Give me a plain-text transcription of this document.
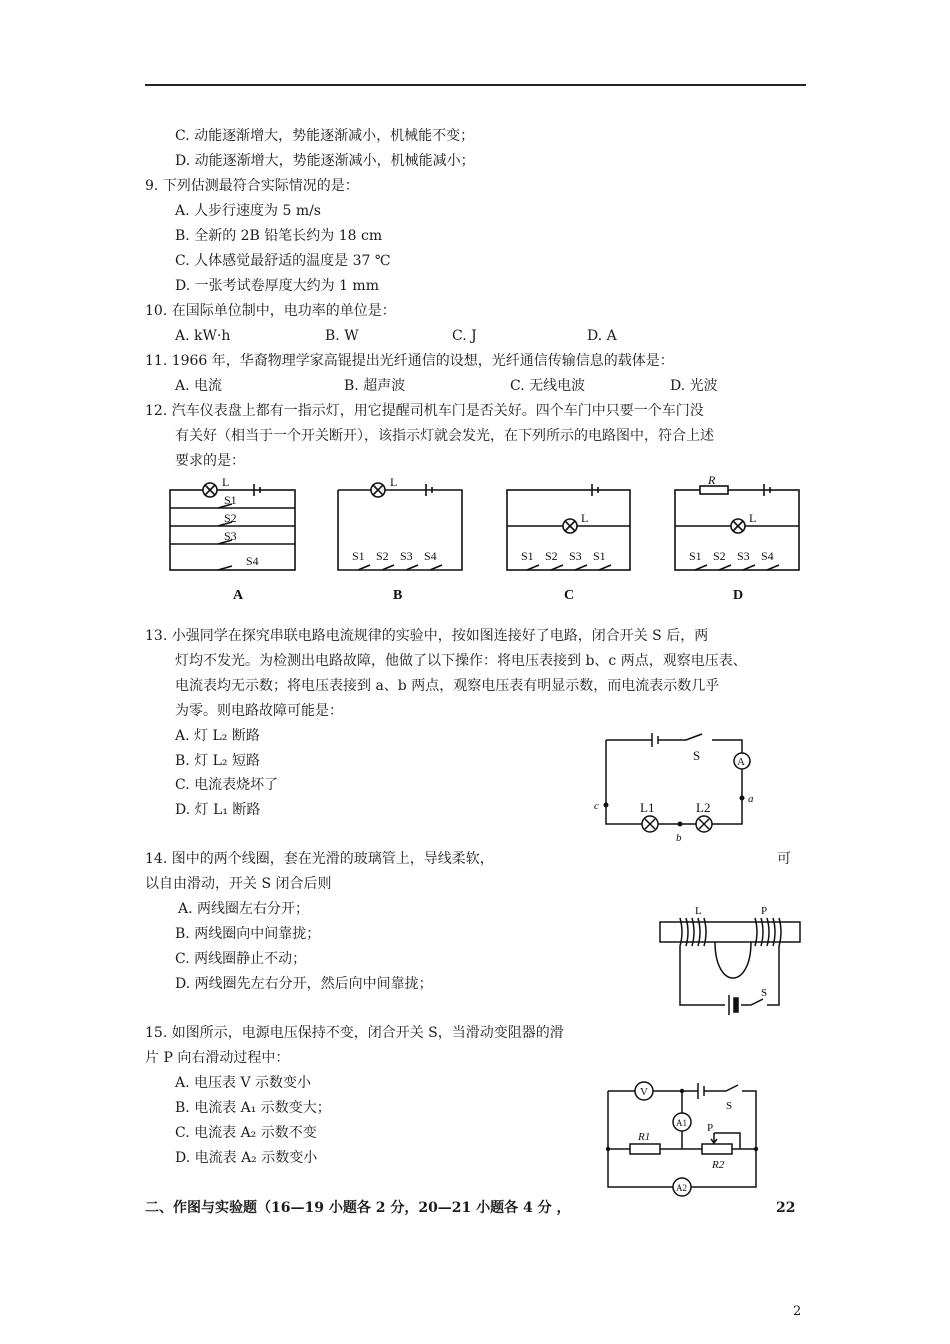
C. 动能逐渐增大，势能逐渐减小，机械能不变；
D. 动能逐渐增大，势能逐渐减小，机械能减小；
9. 下列估测最符合实际情况的是：
A. 人步行速度为 5 m/s
B. 全新的 2B 铅笔长约为 18 cm
C. 人体感觉最舒适的温度是 37 ℃
D. 一张考试卷厚度大约为 1 mm
10. 在国际单位制中，电功率的单位是：
A. kW·h	B. W	C. J	D. A
11. 1966 年，华裔物理学家高锟提出光纤通信的设想，光纤通信传输信息的载体是：
A. 电流	B. 超声波	C. 无线电波	D. 光波
12. 汽车仪表盘上都有一指示灯，用它提醒司机车门是否关好。四个车门中只要一个车门没
有关好（相当于一个开关断开），该指示灯就会发光，在下列所示的电路图中，符合上述
要求的是：
L
S1
S2
S3
S4
L
S1 S2 S3 S4
L
S1 S2 S3 S1
R
L
S1 S2 S3 S4
A	B	C	D
13. 小强同学在探究串联电路电流规律的实验中，按如图连接好了电路，闭合开关 S 后，两
灯均不发光。为检测出电路故障，他做了以下操作：将电压表接到 b、c 两点，观察电压表、
电流表均无示数；将电压表接到 a、b 两点，观察电压表有明显示数，而电流表示数几乎
为零。则电路故障可能是：
A. 灯 L₂ 断路
B. 灯 L₂ 短路
C. 电流表烧坏了
D. 灯 L₁ 断路
S	A
L1	L2
a
b
c
14. 图中的两个线圈，套在光滑的玻璃管上，导线柔软，	可
以自由滑动，开关 S 闭合后则
A. 两线圈左右分开；
B. 两线圈向中间靠拢；
C. 两线圈静止不动；
D. 两线圈先左右分开，然后向中间靠拢；
L	P
S
15. 如图所示，电源电压保持不变，闭合开关 S，当滑动变阻器的滑
片 P 向右滑动过程中：
A. 电压表 V 示数变小
B. 电流表 A₁ 示数变大；
C. 电流表 A₂ 示数不变
D. 电流表 A₂ 示数变小
V
A1
A2
S
R1
R2
P
二、作图与实验题（16—19 小题各 2 分，20—21 小题各 4 分 ，	22
2
